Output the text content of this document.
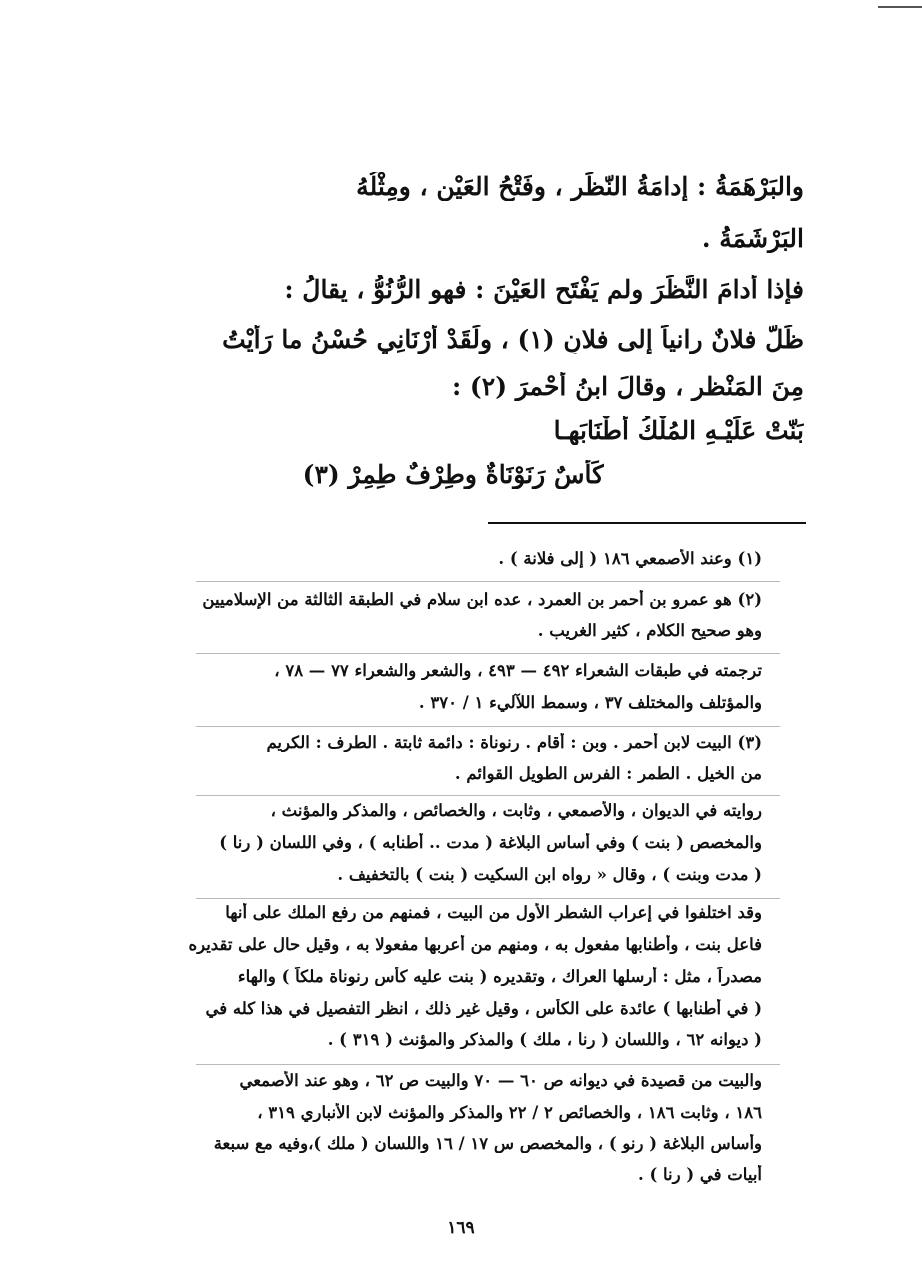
والبَرْهَمَةُ : إدامَةُ النّظَرِ ، وفَتْحُ العَيْنِ ، ومِثْلُهُ
البَرْشَمَةُ .
فإذا أدامَ النَّظَرَ ولم يَفْتَحِ العَيْنَ : فهو الرُّنُوُّ ، يقالُ :
ظَلَّ فلانٌ رانياً إلى فلانٍ (١) ، ولَقَدْ أرْنَانِي حُسْنُ ما رَأيْتُ
مِنَ المَنْظرِ ، وقالَ ابنُ أحْمرَ (٢) :
بَنّتْ عَلَيْـهِ المُلْكُ أطْنَابَهـا
كَأْسٌ رَنَوْنَاةٌ وطِرْفٌ طِمِرْ (٣)
(١) وعند الأصمعي ١٨٦ ( إلى فلانة ) .
(٢) هو عمرو بن أحمر بن العمرد ، عده ابن سلام في الطبقة الثالثة من الإسلاميين
وهو صحيح الكلام ، كثير الغريب .
ترجمته في طبقات الشعراء ٤٩٢ — ٤٩٣ ، والشعر والشعراء ٧٧ — ٧٨ ،
والمؤتلف والمختلف ٣٧ ، وسمط اللآليء ١ / ٣٧٠ .
(٣) البيت لابن أحمر . وبن : أقام . رنوناة : دائمة ثابتة . الطرف : الكريم
من الخيل . الطمر : الفرس الطويل القوائم .
روايته في الديوان ، والأصمعي ، وثابت ، والخصائص ، والمذكر والمؤنث ،
والمخصص ( بنت ) وفي أساس البلاغة ( مدت .. أطنابه ) ، وفي اللسان ( رنا )
( مدت وبنت ) ، وقال « رواه ابن السكيت ( بنت ) بالتخفيف .
وقد اختلفوا في إعراب الشطر الأول من البيت ، فمنهم من رفع الملك على أنها
فاعل بنت ، وأطنابها مفعول به ، ومنهم من أعربها مفعولا به ، وقيل حال على تقديره
مصدراً ، مثل : أرسلها العراك ، وتقديره ( بنت عليه كأس رنوناة ملكاً ) والهاء
( في أطنابها ) عائدة على الكأس ، وقيل غير ذلك ، انظر التفصيل في هذا كله في
( ديوانه ٦٢ ، واللسان ( رنا ، ملك ) والمذكر والمؤنث ( ٣١٩ ) .
والبيت من قصيدة في ديوانه ص ٦٠ — ٧٠ والبيت ص ٦٢ ، وهو عند الأصمعي
١٨٦ ، وثابت ١٨٦ ، والخصائص ٢ / ٢٢ والمذكر والمؤنث لابن الأنباري ٣١٩ ،
وأساس البلاغة ( رنو ) ، والمخصص س ١٧ / ١٦ واللسان ( ملك )،وفيه مع سبعة
أبيات في ( رنا ) .
١٦٩
